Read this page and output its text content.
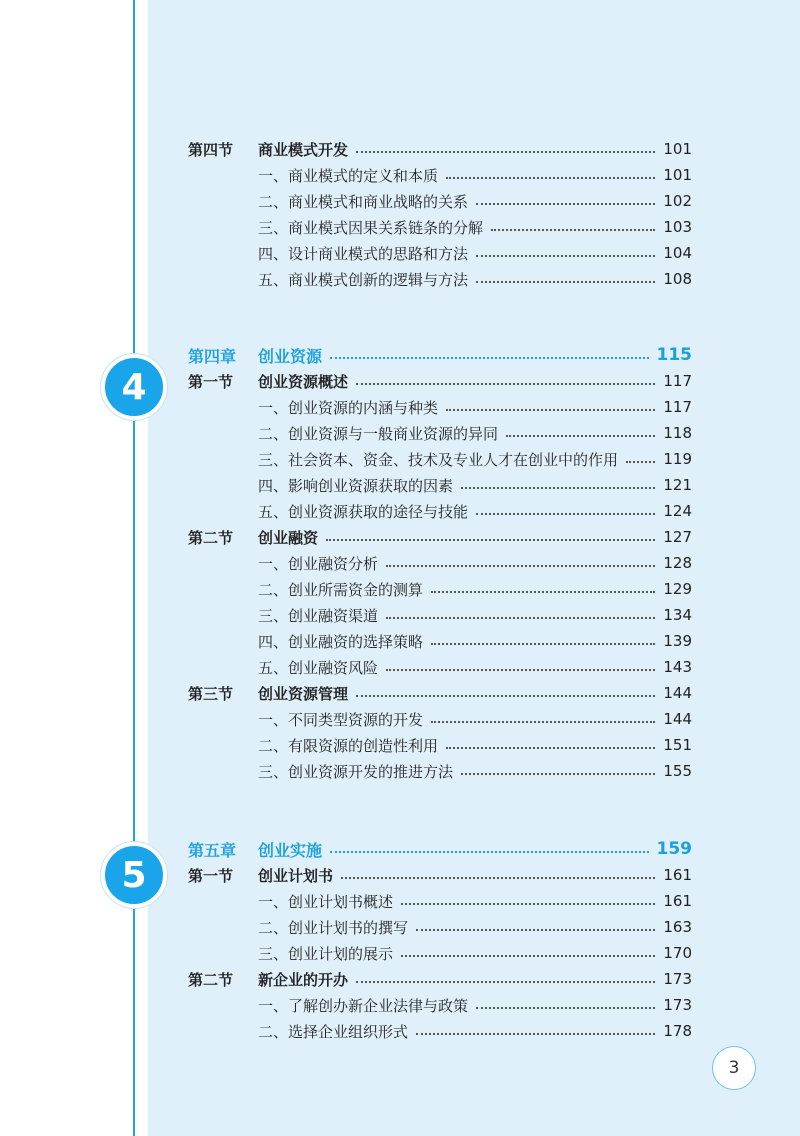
4
5
第四节	商业模式开发	101
一、商业模式的定义和本质	101
二、商业模式和商业战略的关系	102
三、商业模式因果关系链条的分解	103
四、设计商业模式的思路和方法	104
五、商业模式创新的逻辑与方法	108
第四章	创业资源	115
第一节	创业资源概述	117
一、创业资源的内涵与种类	117
二、创业资源与一般商业资源的异同	118
三、社会资本、资金、技术及专业人才在创业中的作用	119
四、影响创业资源获取的因素	121
五、创业资源获取的途径与技能	124
第二节	创业融资	127
一、创业融资分析	128
二、创业所需资金的测算	129
三、创业融资渠道	134
四、创业融资的选择策略	139
五、创业融资风险	143
第三节	创业资源管理	144
一、不同类型资源的开发	144
二、有限资源的创造性利用	151
三、创业资源开发的推进方法	155
第五章	创业实施	159
第一节	创业计划书	161
一、创业计划书概述	161
二、创业计划书的撰写	163
三、创业计划的展示	170
第二节	新企业的开办	173
一、了解创办新企业法律与政策	173
二、选择企业组织形式	178
3
